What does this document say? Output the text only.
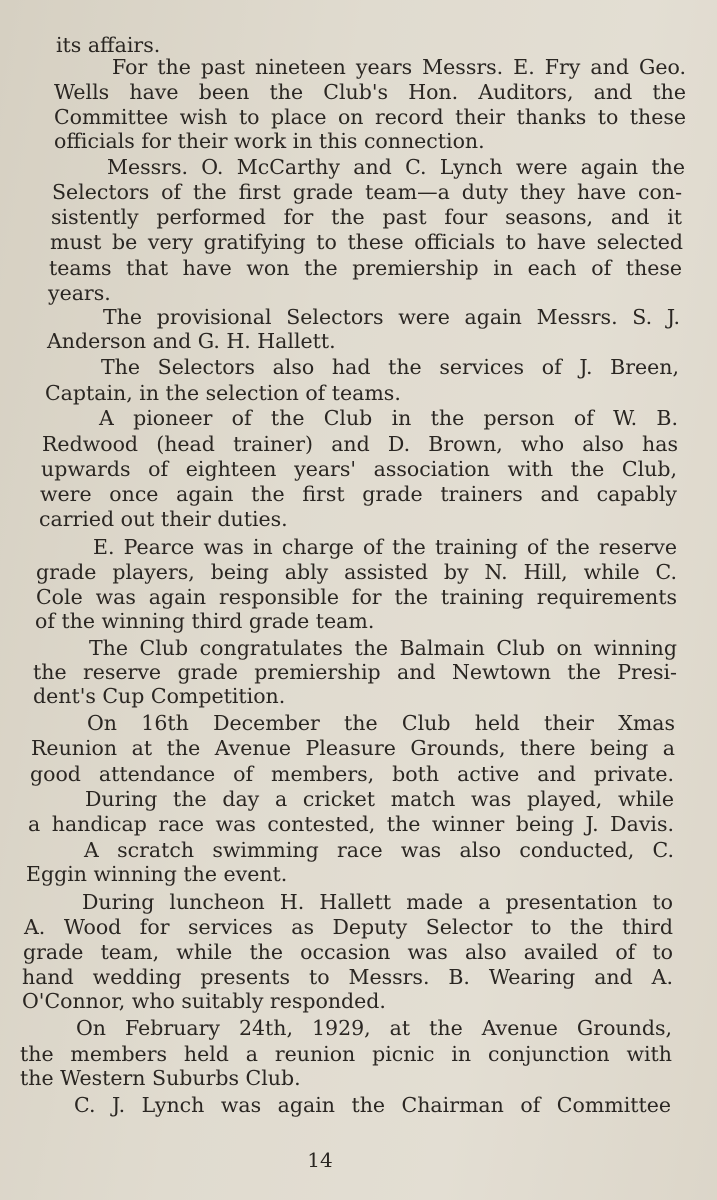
its affairs.
For the past nineteen years Messrs. E. Fry and Geo.
Wells have been the Club's Hon. Auditors, and the
Committee wish to place on record their thanks to these
officials for their work in this connection.
Messrs. O. McCarthy and C. Lynch were again the
Selectors of the first grade team—a duty they have con-
sistently performed for the past four seasons, and it
must be very gratifying to these officials to have selected
teams that have won the premiership in each of these
years.
The provisional Selectors were again Messrs. S. J.
Anderson and G. H. Hallett.
The Selectors also had the services of J. Breen,
Captain, in the selection of teams.
A pioneer of the Club in the person of W. B.
Redwood (head trainer) and D. Brown, who also has
upwards of eighteen years' association with the Club,
were once again the first grade trainers and capably
carried out their duties.
E. Pearce was in charge of the training of the reserve
grade players, being ably assisted by N. Hill, while C.
Cole was again responsible for the training requirements
of the winning third grade team.
The Club congratulates the Balmain Club on winning
the reserve grade premiership and Newtown the Presi-
dent's Cup Competition.
On 16th December the Club held their Xmas
Reunion at the Avenue Pleasure Grounds, there being a
good attendance of members, both active and private.
During the day a cricket match was played, while
a handicap race was contested, the winner being J. Davis.
A scratch swimming race was also conducted, C.
Eggin winning the event.
During luncheon H. Hallett made a presentation to
A. Wood for services as Deputy Selector to the third
grade team, while the occasion was also availed of to
hand wedding presents to Messrs. B. Wearing and A.
O'Connor, who suitably responded.
On February 24th, 1929, at the Avenue Grounds,
the members held a reunion picnic in conjunction with
the Western Suburbs Club.
C. J. Lynch was again the Chairman of Committee
14
